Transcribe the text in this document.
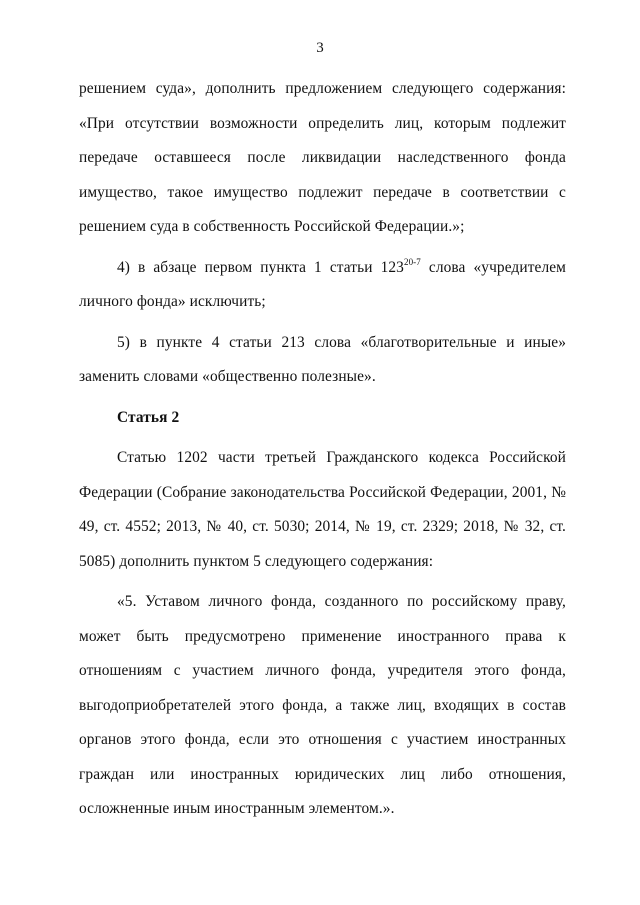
3

решением суда», дополнить предложением следующего содержания: «При отсутствии возможности определить лиц, которым подлежит передаче оставшееся после ликвидации наследственного фонда имущество, такое имущество подлежит передаче в соответствии с решением суда в собственность Российской Федерации.»;

4) в абзаце первом пункта 1 статьи 123$^{20-7}$ слова «учредителем личного фонда» исключить;

5) в пункте 4 статьи 213 слова «благотворительные и иные» заменить словами «общественно полезные».

Статья 2

Статью 1202 части третьей Гражданского кодекса Российской Федерации (Собрание законодательства Российской Федерации, 2001, № 49, ст. 4552; 2013, № 40, ст. 5030; 2014, № 19, ст. 2329; 2018, № 32, ст. 5085) дополнить пунктом 5 следующего содержания:

«5. Уставом личного фонда, созданного по российскому праву, может быть предусмотрено применение иностранного права к отношениям с участием личного фонда, учредителя этого фонда, выгодоприобретателей этого фонда, а также лиц, входящих в состав органов этого фонда, если это отношения с участием иностранных граждан или иностранных юридических лиц либо отношения, осложненные иным иностранным элементом.».
